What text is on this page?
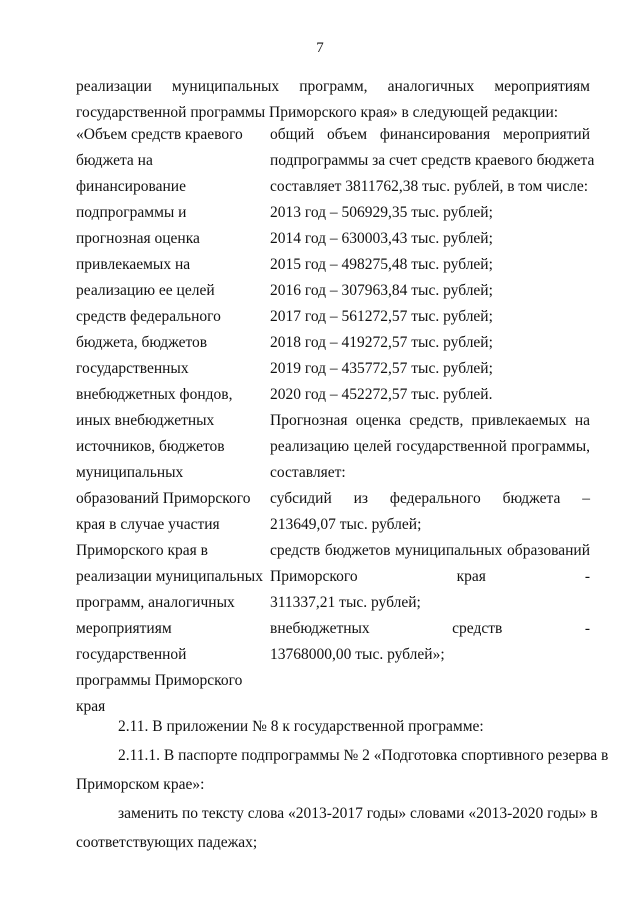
7
реализации муниципальных программ, аналогичных мероприятиям
государственной программы Приморского края» в следующей редакции:
«Объем средств краевого
бюджета на
финансирование
подпрограммы и
прогнозная оценка
привлекаемых на
реализацию ее целей
средств федерального
бюджета, бюджетов
государственных
внебюджетных фондов,
иных внебюджетных
источников, бюджетов
муниципальных
образований Приморского
края в случае участия
Приморского края в
реализации муниципальных
программ, аналогичных
мероприятиям
государственной
программы Приморского
края
общий объем финансирования мероприятий
подпрограммы за счет средств краевого бюджета
составляет 3811762,38 тыс. рублей, в том числе:
2013 год – 506929,35 тыс. рублей;
2014 год – 630003,43 тыс. рублей;
2015 год – 498275,48 тыс. рублей;
2016 год – 307963,84 тыс. рублей;
2017 год – 561272,57 тыс. рублей;
2018 год – 419272,57 тыс. рублей;
2019 год – 435772,57 тыс. рублей;
2020 год – 452272,57 тыс. рублей.
Прогнозная оценка средств, привлекаемых на
реализацию целей государственной программы,
составляет:
субсидий из федерального бюджета –
213649,07 тыс. рублей;
средств бюджетов муниципальных образований
Приморского края -
311337,21 тыс. рублей;
внебюджетных средств -
13768000,00 тыс. рублей»;
2.11. В приложении № 8 к государственной программе:
2.11.1. В паспорте подпрограммы № 2 «Подготовка спортивного резерва в
Приморском крае»:
заменить по тексту слова «2013-2017 годы» словами «2013-2020 годы» в
соответствующих падежах;
